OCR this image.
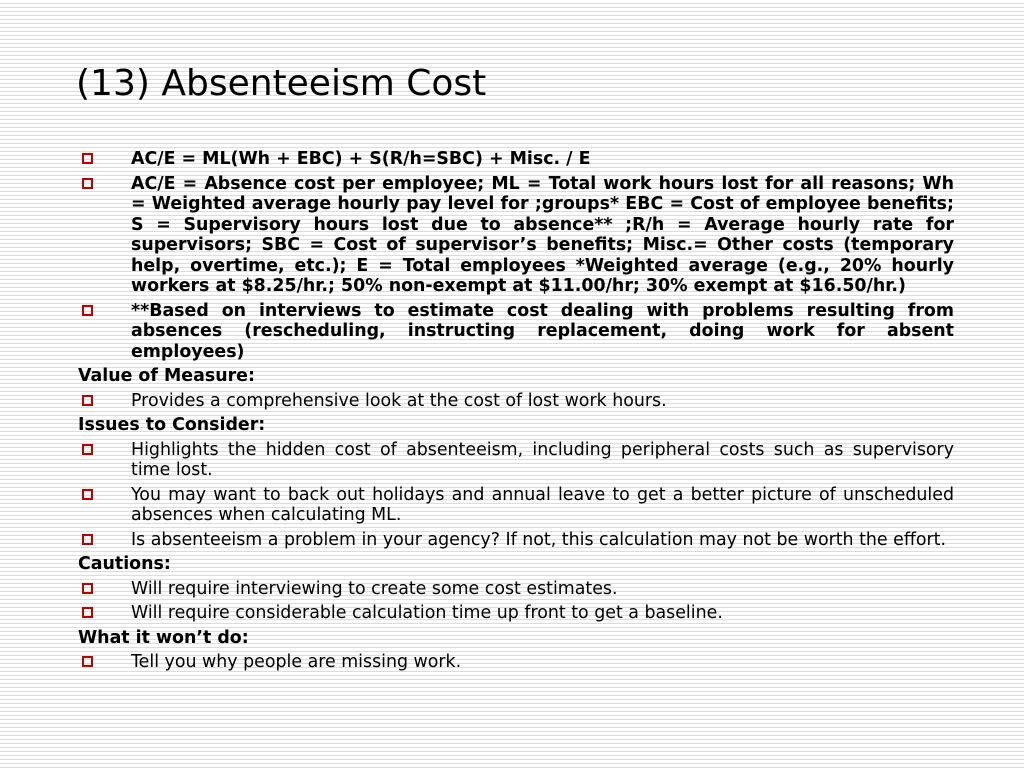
(13) Absenteeism Cost
AC/E = ML(Wh + EBC) + S(R/h=SBC) + Misc. / E
AC/E = Absence cost per employee; ML = Total work hours lost for all reasons; Wh = Weighted average hourly pay level for ;groups* EBC = Cost of employee benefits; S = Supervisory hours lost due to absence** ;R/h = Average hourly rate for supervisors; SBC = Cost of supervisor’s benefits; Misc.= Other costs (temporary help, overtime, etc.); E = Total employees *Weighted average (e.g., 20% hourly workers at $8.25/hr.; 50% non-exempt at $11.00/hr; 30% exempt at $16.50/hr.)
**Based on interviews to estimate cost dealing with problems resulting from absences (rescheduling, instructing replacement, doing work for absent employees)
Value of Measure:
Provides a comprehensive look at the cost of lost work hours.
Issues to Consider:
Highlights the hidden cost of absenteeism, including peripheral costs such as supervisory time lost.
You may want to back out holidays and annual leave to get a better picture of unscheduled absences when calculating ML.
Is absenteeism a problem in your agency? If not, this calculation may not be worth the effort.
Cautions:
Will require interviewing to create some cost estimates.
Will require considerable calculation time up front to get a baseline.
What it won’t do:
Tell you why people are missing work.
